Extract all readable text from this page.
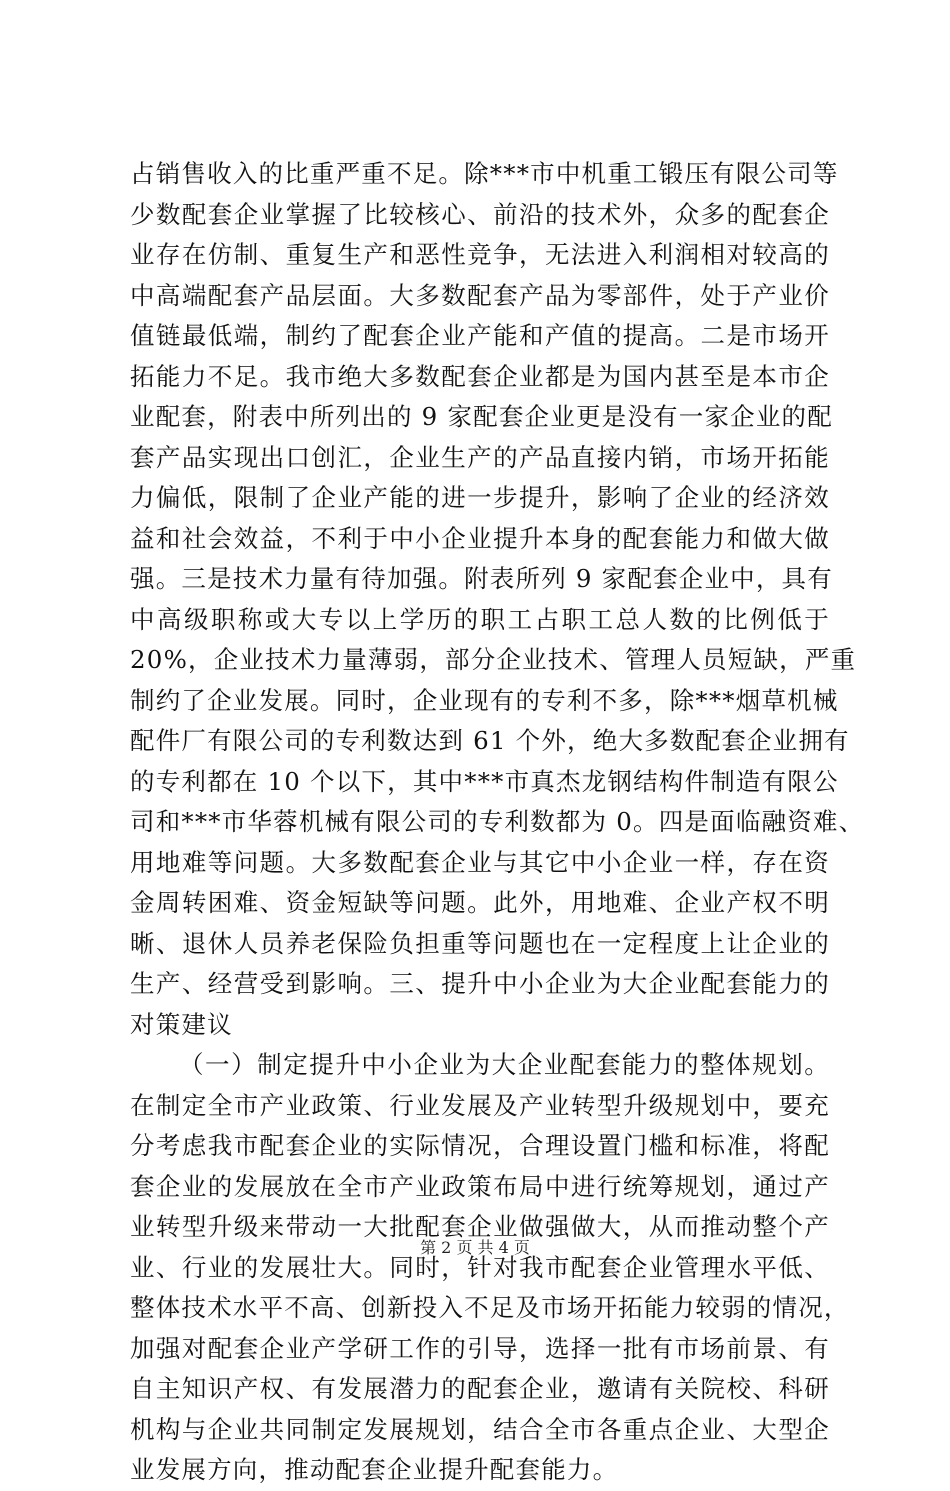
占销售收入的比重严重不足。除***市中机重工锻压有限公司等
少数配套企业掌握了比较核心、前沿的技术外，众多的配套企
业存在仿制、重复生产和恶性竞争，无法进入利润相对较高的
中高端配套产品层面。大多数配套产品为零部件，处于产业价
值链最低端，制约了配套企业产能和产值的提高。二是市场开
拓能力不足。我市绝大多数配套企业都是为国内甚至是本市企
业配套，附表中所列出的 9 家配套企业更是没有一家企业的配
套产品实现出口创汇，企业生产的产品直接内销，市场开拓能
力偏低，限制了企业产能的进一步提升，影响了企业的经济效
益和社会效益，不利于中小企业提升本身的配套能力和做大做
强。三是技术力量有待加强。附表所列 9 家配套企业中，具有
中高级职称或大专以上学历的职工占职工总人数的比例低于
20%，企业技术力量薄弱，部分企业技术、管理人员短缺，严重
制约了企业发展。同时，企业现有的专利不多，除***烟草机械
配件厂有限公司的专利数达到 61 个外，绝大多数配套企业拥有
的专利都在 10 个以下，其中***市真杰龙钢结构件制造有限公
司和***市华蓉机械有限公司的专利数都为 0。四是面临融资难、
用地难等问题。大多数配套企业与其它中小企业一样，存在资
金周转困难、资金短缺等问题。此外，用地难、企业产权不明
晰、退休人员养老保险负担重等问题也在一定程度上让企业的
生产、经营受到影响。三、提升中小企业为大企业配套能力的
对策建议
（一）制定提升中小企业为大企业配套能力的整体规划。
在制定全市产业政策、行业发展及产业转型升级规划中，要充
分考虑我市配套企业的实际情况，合理设置门槛和标准，将配
套企业的发展放在全市产业政策布局中进行统筹规划，通过产
业转型升级来带动一大批配套企业做强做大，从而推动整个产
业、行业的发展壮大。同时，针对我市配套企业管理水平低、
整体技术水平不高、创新投入不足及市场开拓能力较弱的情况，
加强对配套企业产学研工作的引导，选择一批有市场前景、有
自主知识产权、有发展潜力的配套企业，邀请有关院校、科研
机构与企业共同制定发展规划，结合全市各重点企业、大型企
业发展方向，推动配套企业提升配套能力。
第 2 页 共 4 页
